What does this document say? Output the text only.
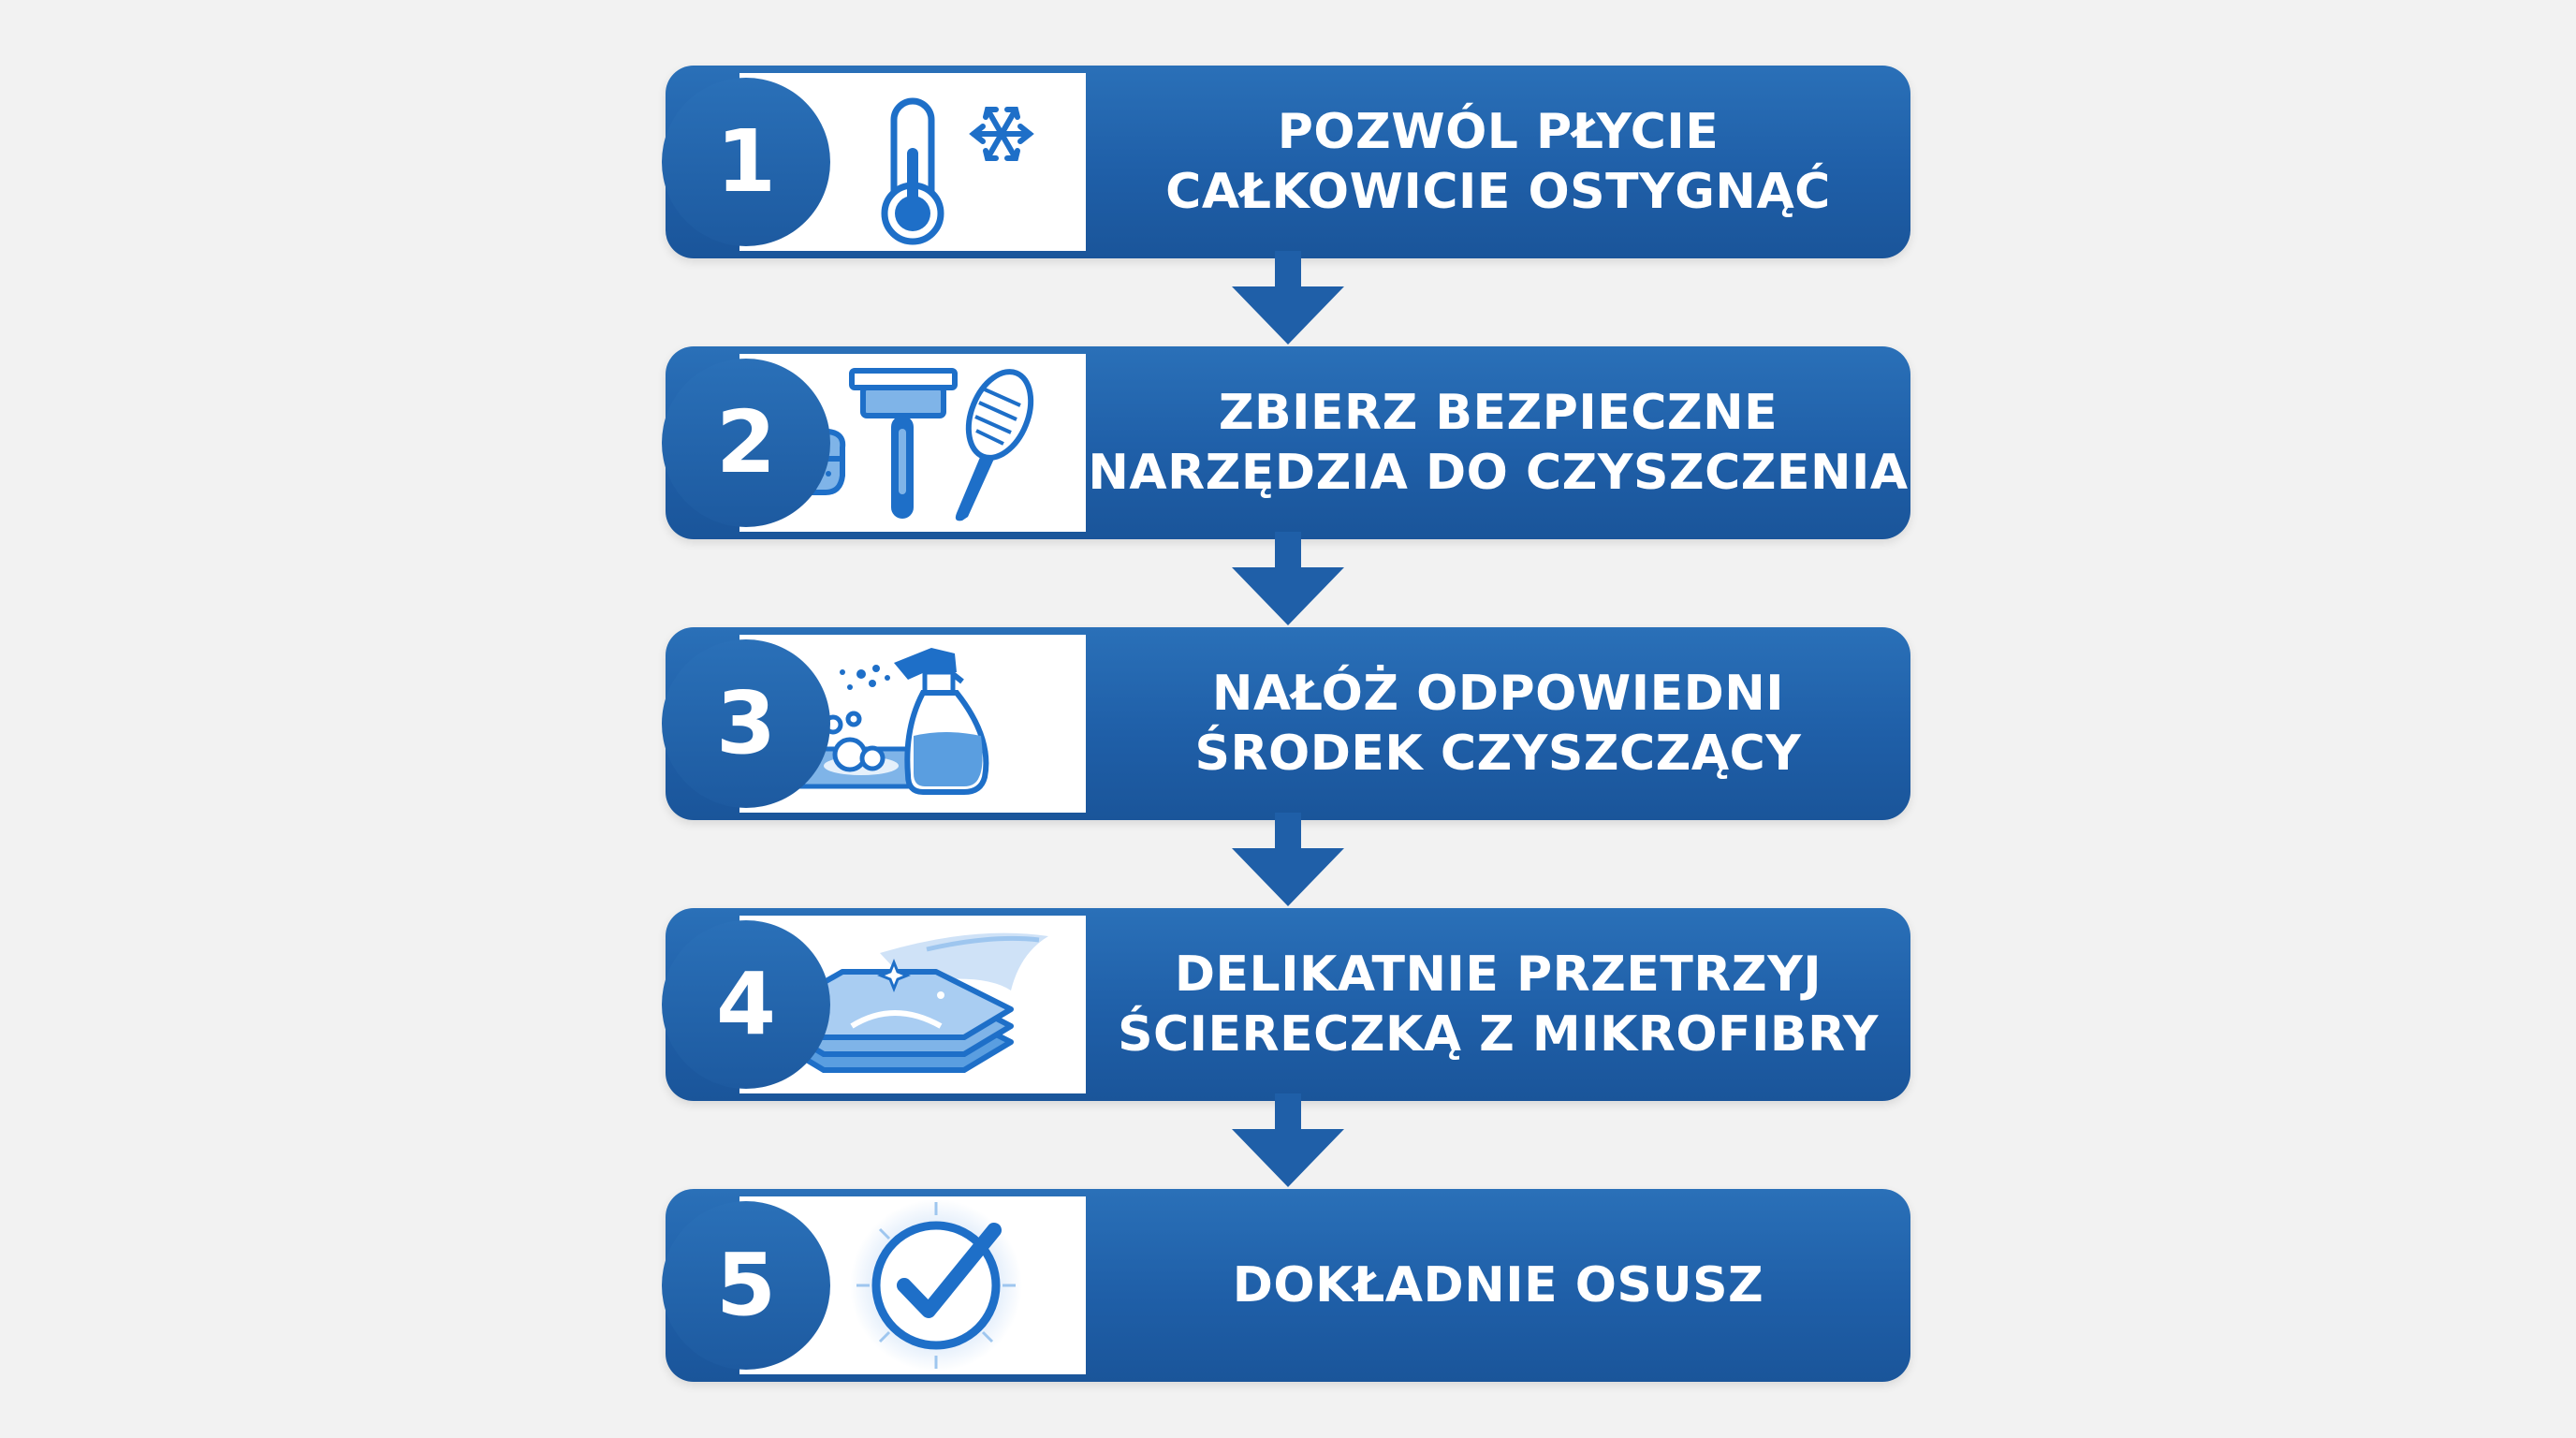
1	POZWÓL PŁYCIE
CAŁKOWICIE OSTYGNĄĆ
2	ZBIERZ BEZPIECZNE
NARZĘDZIA DO CZYSZCZENIA
3	NAŁÓŻ ODPOWIEDNI
ŚRODEK CZYSZCZĄCY
4	DELIKATNIE PRZETRZYJ
ŚCIERECZKĄ Z MIKROFIBRY
5	DOKŁADNIE OSUSZ
